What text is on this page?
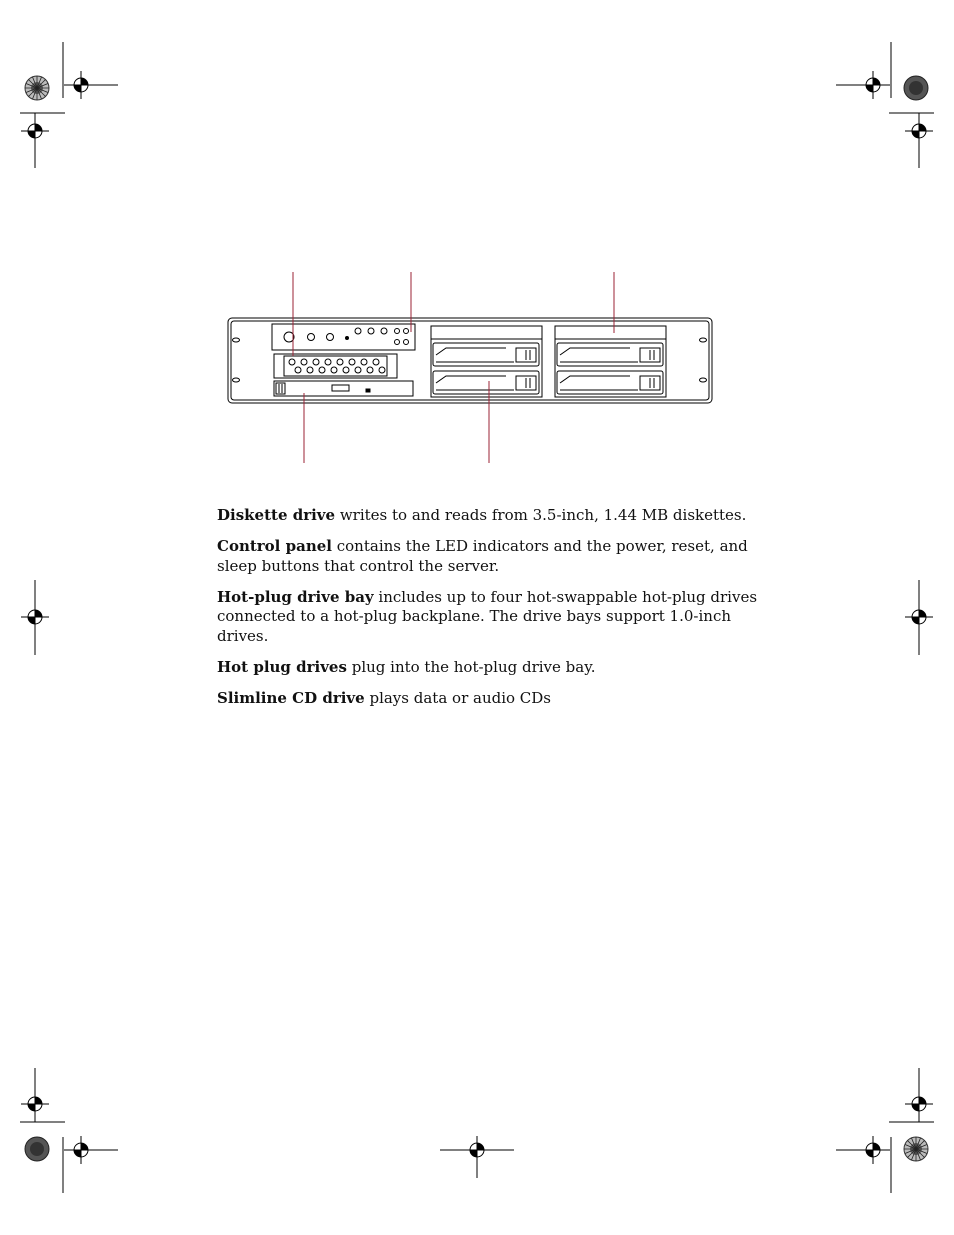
Diskette drive writes to and reads from 3.5-inch, 1.44 MB diskettes.

Control panel contains the LED indicators and the power, reset, and sleep buttons that control the server.

Hot-plug drive bay includes up to four hot-swappable hot-plug drives connected to a hot-plug backplane. The drive bays support 1.0-inch drives.

Hot plug drives plug into the hot-plug drive bay.

Slimline CD drive plays data or audio CDs
